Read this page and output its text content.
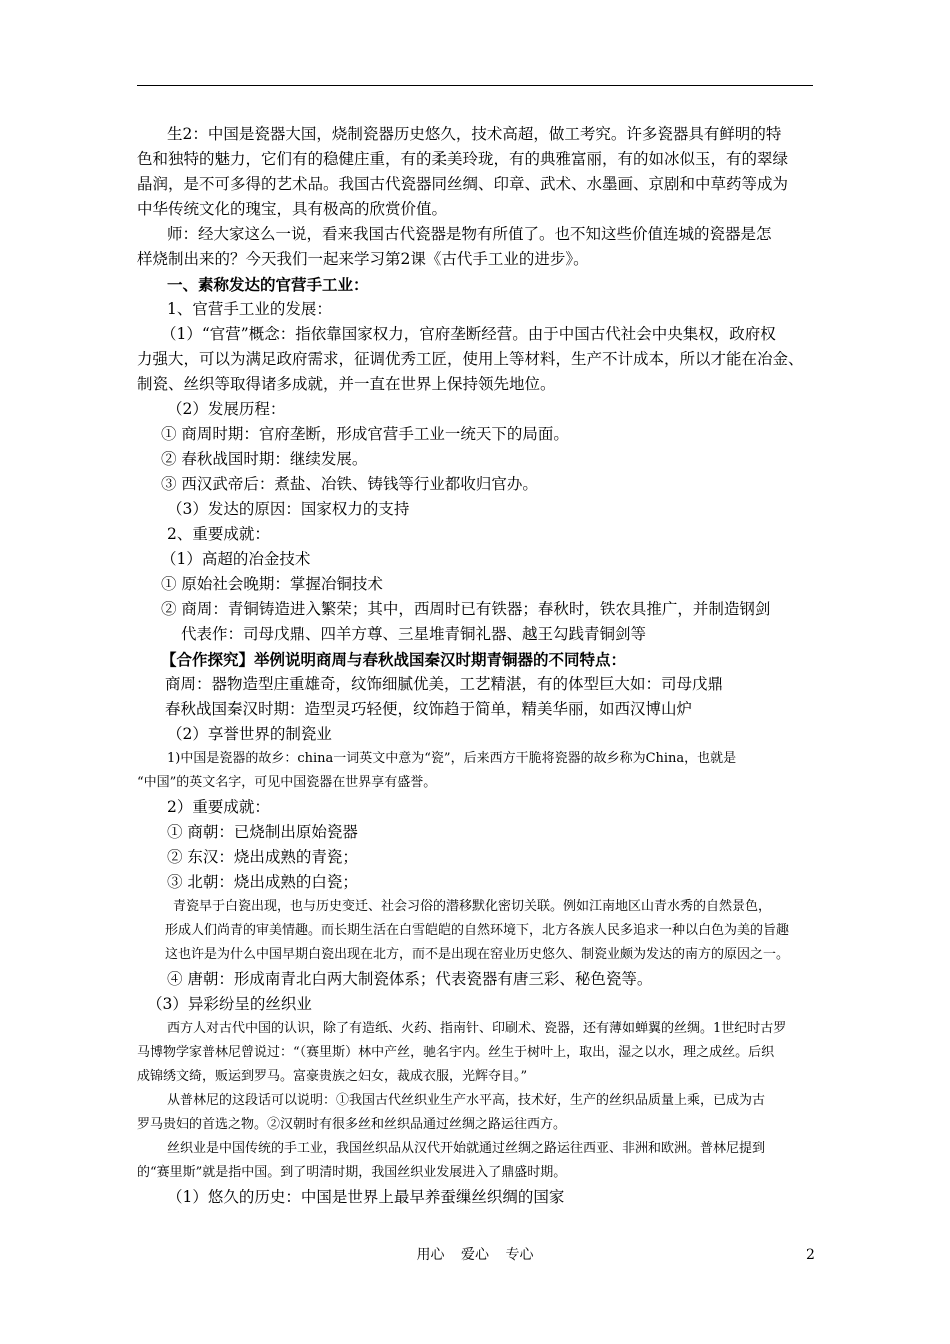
生2：中国是瓷器大国，烧制瓷器历史悠久，技术高超，做工考究。许多瓷器具有鲜明的特
色和独特的魅力，它们有的稳健庄重，有的柔美玲珑，有的典雅富丽，有的如冰似玉，有的翠绿
晶润，是不可多得的艺术品。我国古代瓷器同丝绸、印章、武术、水墨画、京剧和中草药等成为
中华传统文化的瑰宝，具有极高的欣赏价值。
师：经大家这么一说，看来我国古代瓷器是物有所值了。也不知这些价值连城的瓷器是怎
样烧制出来的？今天我们一起来学习第2课《古代手工业的进步》。
一、素称发达的官营手工业：
1、官营手工业的发展：
（1）“官营”概念：指依靠国家权力，官府垄断经营。由于中国古代社会中央集权，政府权
力强大，可以为满足政府需求，征调优秀工匠，使用上等材料，生产不计成本，所以才能在冶金、
制瓷、丝织等取得诸多成就，并一直在世界上保持领先地位。
（2）发展历程：
① 商周时期：官府垄断，形成官营手工业一统天下的局面。
② 春秋战国时期：继续发展。
③ 西汉武帝后：煮盐、冶铁、铸钱等行业都收归官办。
（3）发达的原因：国家权力的支持
2、重要成就：
（1）高超的冶金技术
① 原始社会晚期：掌握冶铜技术
② 商周：青铜铸造进入繁荣；其中，西周时已有铁器；春秋时，铁农具推广，并制造钢剑
代表作：司母戊鼎、四羊方尊、三星堆青铜礼器、越王勾践青铜剑等
【合作探究】举例说明商周与春秋战国秦汉时期青铜器的不同特点：
商周：器物造型庄重雄奇，纹饰细腻优美，工艺精湛，有的体型巨大如：司母戊鼎
春秋战国秦汉时期：造型灵巧轻便，纹饰趋于简单，精美华丽，如西汉博山炉
（2）享誉世界的制瓷业
1)中国是瓷器的故乡：china一词英文中意为“瓷”，后来西方干脆将瓷器的故乡称为China，也就是
“中国”的英文名字，可见中国瓷器在世界享有盛誉。
2）重要成就：
① 商朝：已烧制出原始瓷器
② 东汉：烧出成熟的青瓷；
③ 北朝：烧出成熟的白瓷；
青瓷早于白瓷出现，也与历史变迁、社会习俗的潜移默化密切关联。例如江南地区山青水秀的自然景色，
形成人们尚青的审美情趣。而长期生活在白雪皑皑的自然环境下，北方各族人民多追求一种以白色为美的旨趣
这也许是为什么中国早期白瓷出现在北方，而不是出现在窑业历史悠久、制瓷业颇为发达的南方的原因之一。
④ 唐朝：形成南青北白两大制瓷体系；代表瓷器有唐三彩、秘色瓷等。
（3）异彩纷呈的丝织业
西方人对古代中国的认识，除了有造纸、火药、指南针、印刷术、瓷器，还有薄如蝉翼的丝绸。1世纪时古罗
马博物学家普林尼曾说过：“（赛里斯）林中产丝，驰名宇内。丝生于树叶上，取出，湿之以水，理之成丝。后织
成锦绣文绮，贩运到罗马。富豪贵族之妇女，裁成衣服，光辉夺目。”
从普林尼的这段话可以说明：①我国古代丝织业生产水平高，技术好，生产的丝织品质量上乘，已成为古
罗马贵妇的首选之物。②汉朝时有很多丝和丝织品通过丝绸之路运往西方。
丝织业是中国传统的手工业，我国丝织品从汉代开始就通过丝绸之路运往西亚、非洲和欧洲。普林尼提到
的“赛里斯”就是指中国。到了明清时期，我国丝织业发展进入了鼎盛时期。
（1）悠久的历史：中国是世界上最早养蚕缫丝织绸的国家
用心 爱心 专心	2
